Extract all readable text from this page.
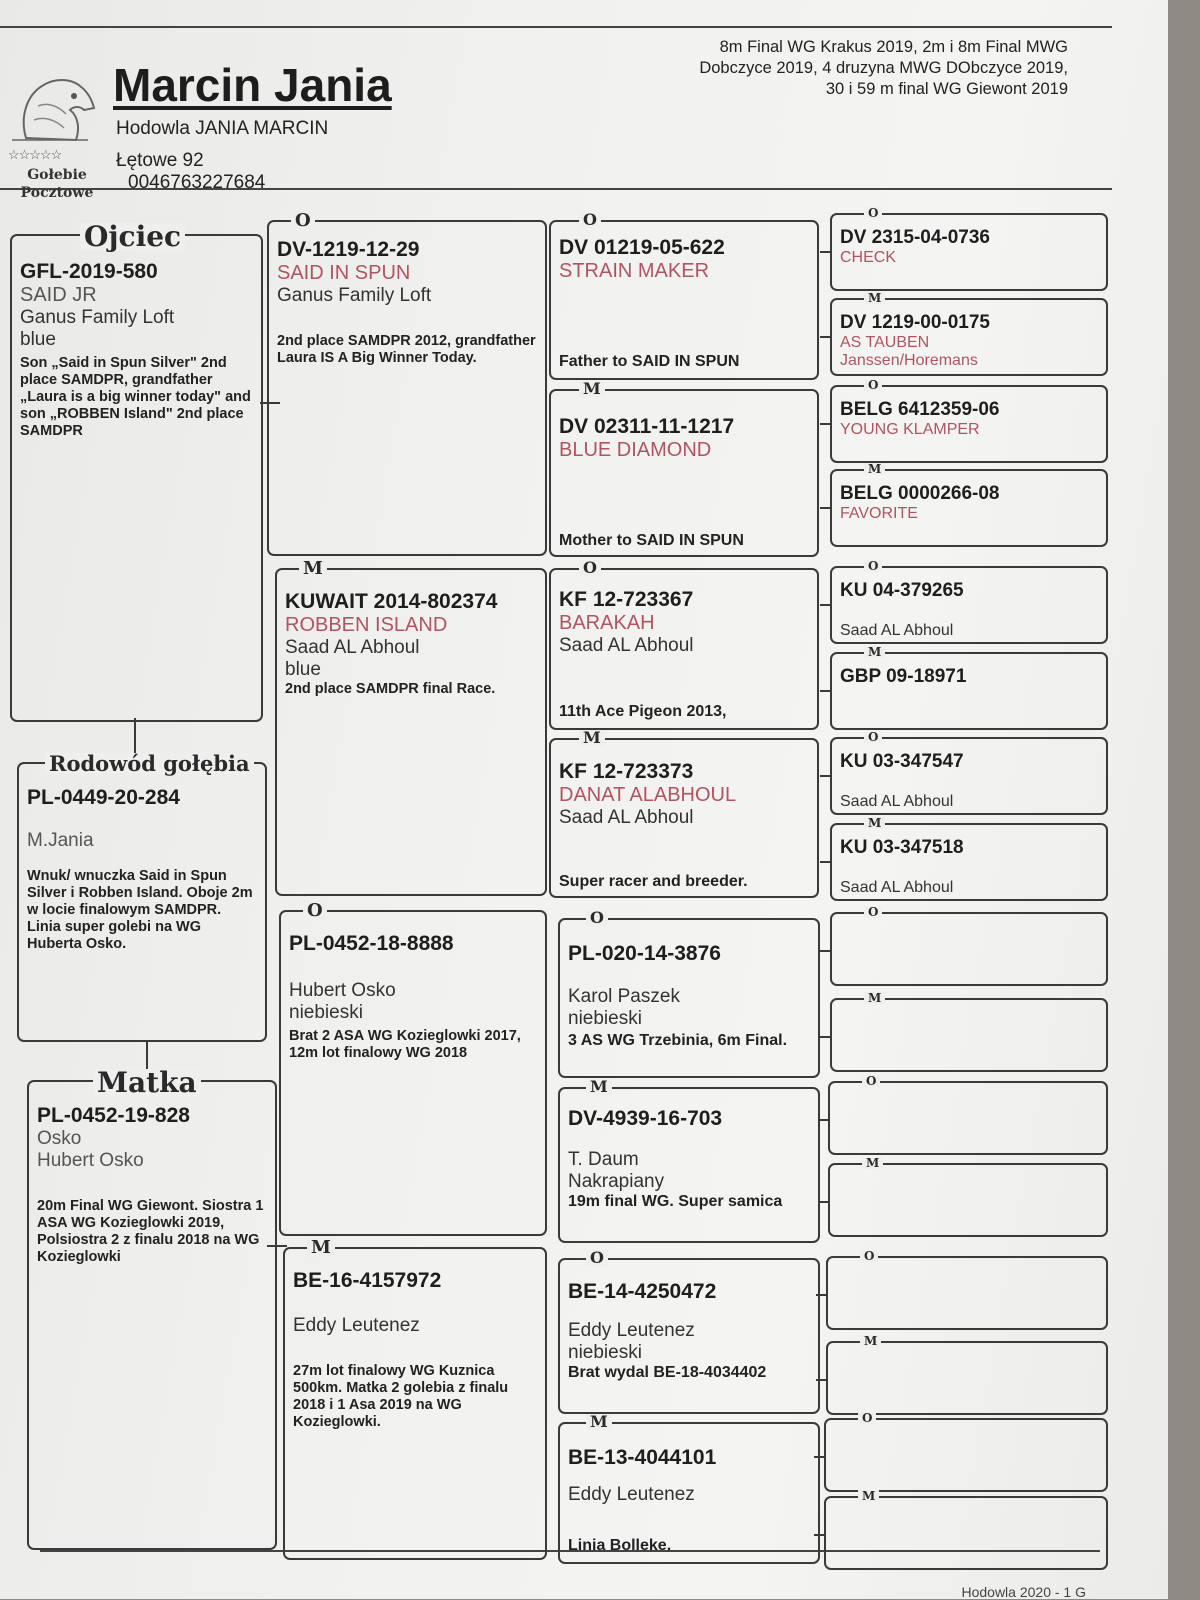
☆☆☆☆☆
Gołebie
Pocztowe
Marcin Jania
Hodowla JANIA MARCIN
Łętowe 92
0046763227684
8m Final WG Krakus 2019, 2m i 8m Final MWG
Dobczyce 2019, 4 druzyna MWG DObczyce 2019,
30 i 59 m final WG Giewont 2019
Ojciec
GFL-2019-580
SAID JR
Ganus Family Loft
blue
Son „Said in Spun Silver" 2nd place SAMDPR, grandfather „Laura is a big winner today" and son „ROBBEN Island" 2nd place SAMDPR
Rodowód gołębia
PL-0449-20-284
M.Jania
Wnuk/ wnuczka Said in Spun Silver i Robben Island. Oboje 2m w locie finalowym SAMDPR. Linia super golebi na WG Huberta Osko.
Matka
PL-0452-19-828
Osko
Hubert Osko
20m Final WG Giewont. Siostra 1 ASA WG Kozieglowki 2019, Polsiostra 2 z finalu 2018 na WG Kozieglowki
O
DV-1219-12-29
SAID IN SPUN
Ganus Family Loft
2nd place SAMDPR 2012, grandfather Laura IS A Big Winner Today.
M
KUWAIT 2014-802374
ROBBEN ISLAND
Saad AL Abhoul
blue
2nd place SAMDPR final Race.
O
PL-0452-18-8888
Hubert Osko
niebieski
Brat 2 ASA WG Kozieglowki 2017, 12m lot finalowy WG 2018
M
BE-16-4157972
Eddy Leutenez
27m lot finalowy WG Kuznica 500km. Matka 2 golebia z finalu 2018 i 1 Asa 2019 na WG Kozieglowki.
O
DV 01219-05-622
STRAIN MAKER
Father to SAID IN SPUN
M
DV 02311-11-1217
BLUE DIAMOND
Mother to SAID IN SPUN
O
KF 12-723367
BARAKAH
Saad AL Abhoul
11th Ace Pigeon 2013,
M
KF 12-723373
DANAT ALABHOUL
Saad AL Abhoul
Super racer and breeder.
O
PL-020-14-3876
Karol Paszek
niebieski
3 AS WG Trzebinia, 6m Final.
M
DV-4939-16-703
T. Daum
Nakrapiany
19m final WG. Super samica
O
BE-14-4250472
Eddy Leutenez
niebieski
Brat wydal BE-18-4034402
M
BE-13-4044101
Eddy Leutenez
Linia Bolleke.
O
DV 2315-04-0736
CHECK
M
DV 1219-00-0175
AS TAUBEN
Janssen/Horemans
O
BELG 6412359-06
YOUNG KLAMPER
M
BELG 0000266-08
FAVORITE
O
KU 04-379265
Saad AL Abhoul
M
GBP 09-18971
O
KU 03-347547
Saad AL Abhoul
M
KU 03-347518
Saad AL Abhoul
O
M
O
M
O
M
O
M
Hodowla 2020 - 1 G
